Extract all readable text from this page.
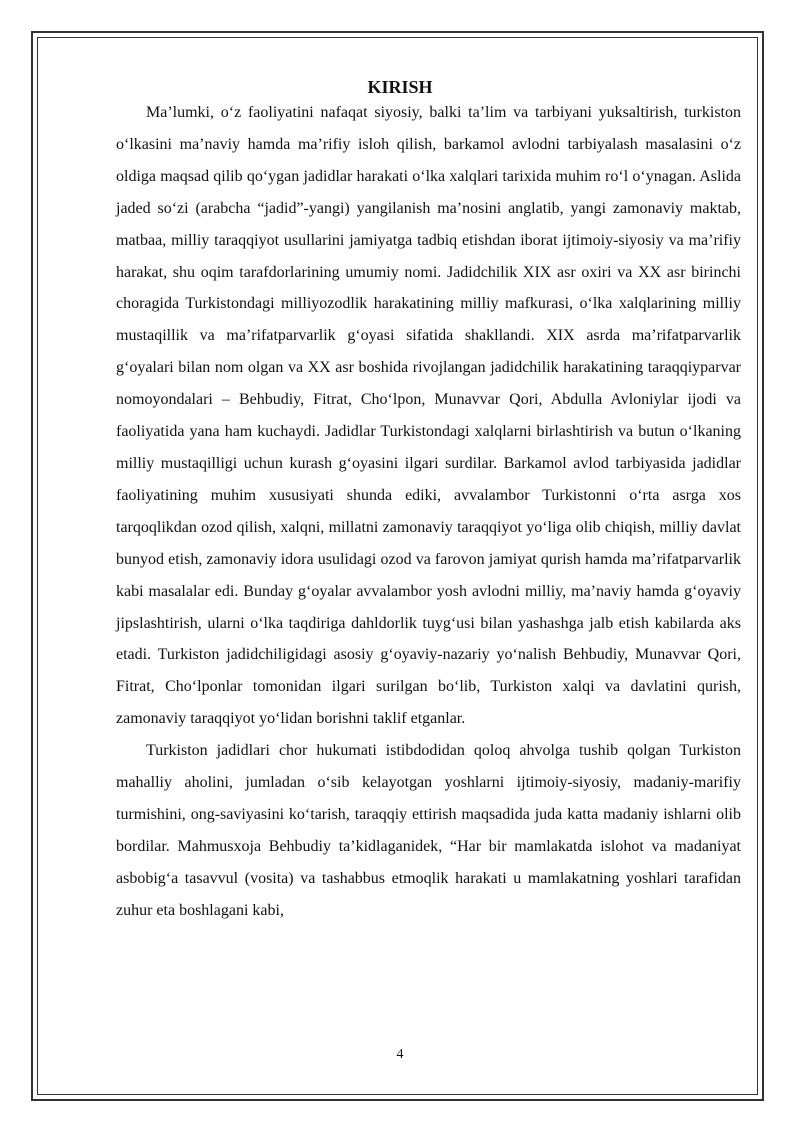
KIRISH

Ma’lumki, o‘z faoliyatini nafaqat siyosiy, balki ta’lim va tarbiyani yuksaltirish, turkiston o‘lkasini ma’naviy hamda ma’rifiy isloh qilish, barkamol avlodni tarbiyalash masalasini o‘z oldiga maqsad qilib qo‘ygan jadidlar harakati o‘lka xalqlari tarixida muhim ro‘l o‘ynagan. Aslida jaded so‘zi (arabcha “jadid”-yangi) yangilanish ma’nosini anglatib, yangi zamonaviy maktab, matbaa, milliy taraqqiyot usullarini jamiyatga tadbiq etishdan iborat ijtimoiy-siyosiy va ma’rifiy harakat, shu oqim tarafdorlarining umumiy nomi. Jadidchilik XIX asr oxiri va XX asr birinchi choragida Turkistondagi milliyozodlik harakatining milliy mafkurasi, o‘lka xalqlarining milliy mustaqillik va ma’rifatparvarlik g‘oyasi sifatida shakllandi. XIX asrda ma’rifatparvarlik g‘oyalari bilan nom olgan va XX asr boshida rivojlangan jadidchilik harakatining taraqqiyparvar nomoyondalari – Behbudiy, Fitrat, Cho‘lpon, Munavvar Qori, Abdulla Avloniylar ijodi va faoliyatida yana ham kuchaydi. Jadidlar Turkistondagi xalqlarni birlashtirish va butun o‘lkaning milliy mustaqilligi uchun kurash g‘oyasini ilgari surdilar. Barkamol avlod tarbiyasida jadidlar faoliyatining muhim xususiyati shunda ediki, avvalambor Turkistonni o‘rta asrga xos tarqoqlikdan ozod qilish, xalqni, millatni zamonaviy taraqqiyot yo‘liga olib chiqish, milliy davlat bunyod etish, zamonaviy idora usulidagi ozod va farovon jamiyat qurish hamda ma’rifatparvarlik kabi masalalar edi. Bunday g‘oyalar avvalambor yosh avlodni milliy, ma’naviy hamda g‘oyaviy jipslashtirish, ularni o‘lka taqdiriga dahldorlik tuyg‘usi bilan yashashga jalb etish kabilarda aks etadi. Turkiston jadidchiligidagi asosiy g‘oyaviy-nazariy yo‘nalish Behbudiy, Munavvar Qori, Fitrat, Cho‘lponlar tomonidan ilgari surilgan bo‘lib, Turkiston xalqi va davlatini qurish, zamonaviy taraqqiyot yo‘lidan borishni taklif etganlar.

Turkiston jadidlari chor hukumati istibdodidan qoloq ahvolga tushib qolgan Turkiston mahalliy aholini, jumladan o‘sib kelayotgan yoshlarni ijtimoiy-siyosiy, madaniy-marifiy turmishini, ong-saviyasini ko‘tarish, taraqqiy ettirish maqsadida juda katta madaniy ishlarni olib bordilar. Mahmusxoja Behbudiy ta’kidlaganidek, “Har bir mamlakatda islohot va madaniyat asbobig‘a tasavvul (vosita) va tashabbus etmoqlik harakati u mamlakatning yoshlari tarafidan zuhur eta boshlagani kabi,

4
